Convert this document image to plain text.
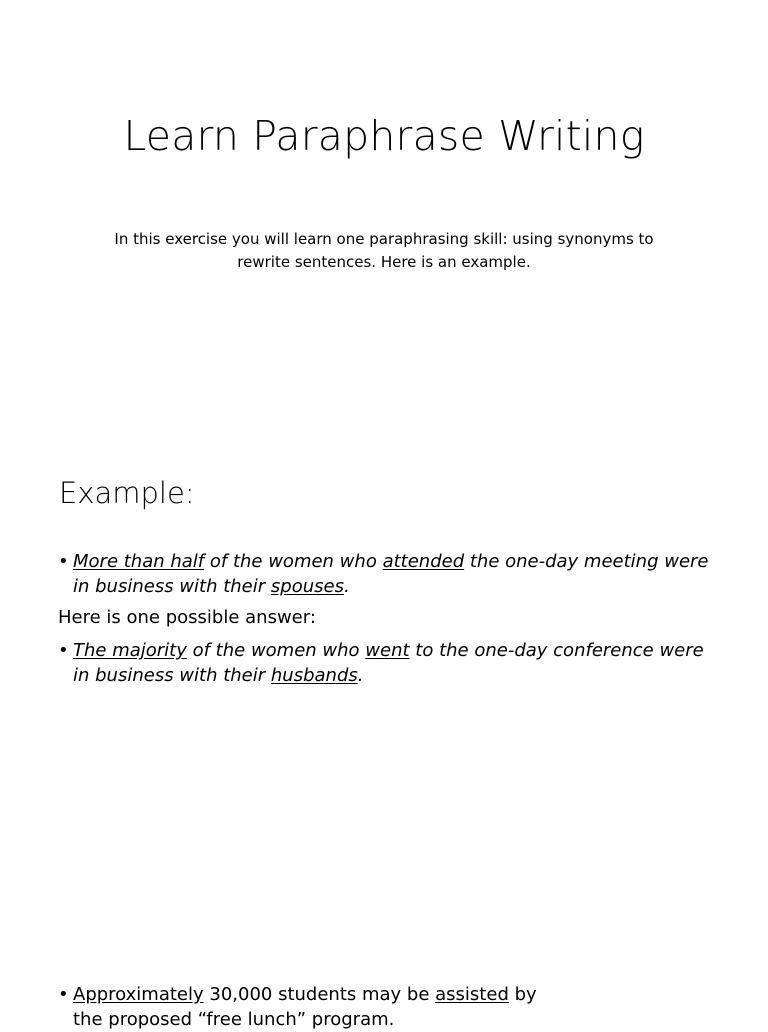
Learn Paraphrase Writing
In this exercise you will learn one paraphrasing skill: using synonyms to rewrite sentences. Here is an example.
Example:
• More than half of the women who attended the one-day meeting were in business with their spouses.
Here is one possible answer:
• The majority of the women who went to the one-day conference were in business with their husbands.
• Approximately 30,000 students may be assisted by the proposed “free lunch” program.
